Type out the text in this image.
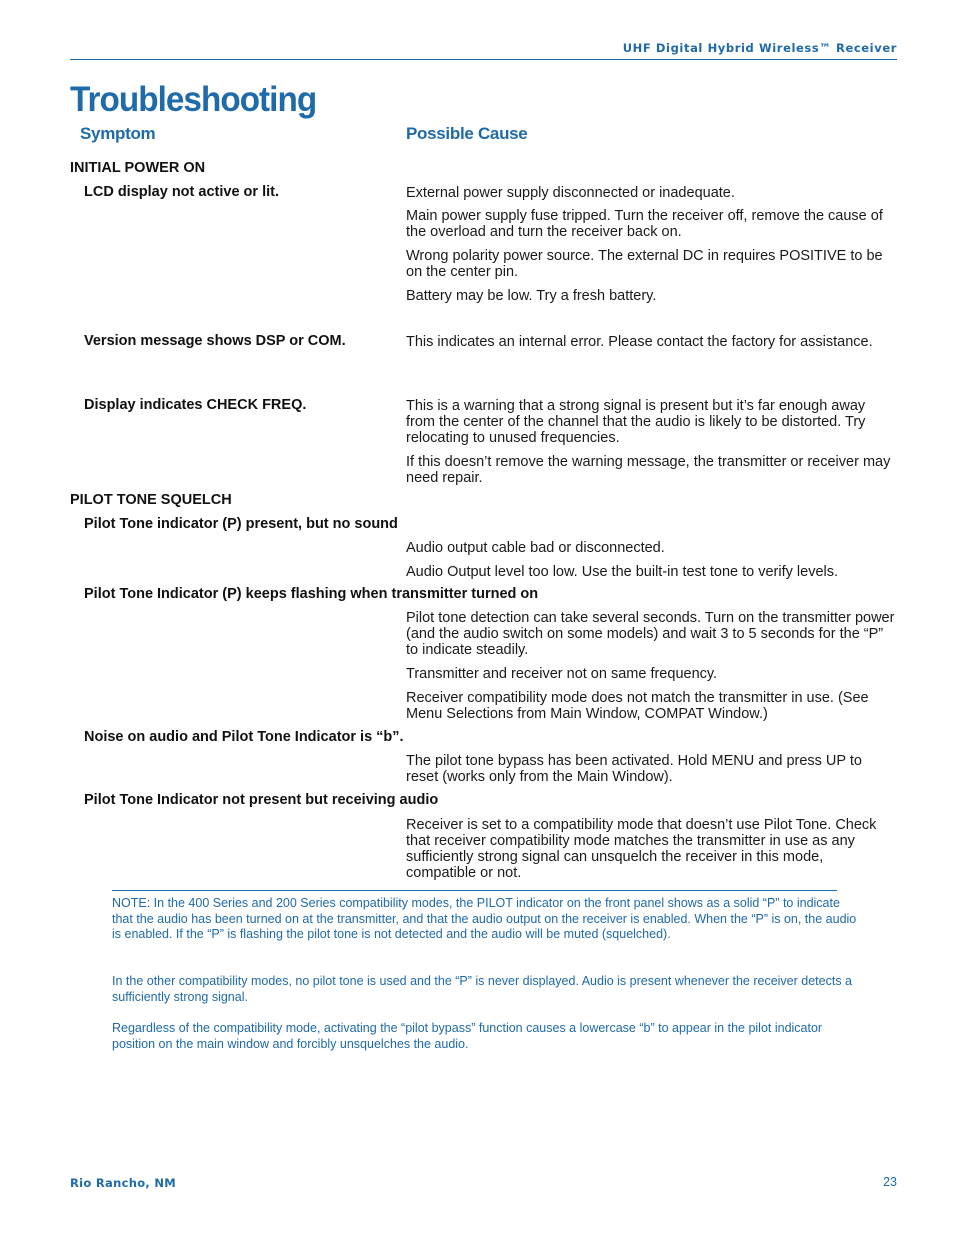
UHF Digital Hybrid Wireless™ Receiver
Troubleshooting
Symptom	Possible Cause
INITIAL POWER ON
LCD display not active or lit.	External power supply disconnected or inadequate.
Main power supply fuse tripped. Turn the receiver off, remove the cause of the overload and turn the receiver back on.
Wrong polarity power source. The external DC in requires POSITIVE to be on the center pin.
Battery may be low. Try a fresh battery.
Version message shows DSP or COM.	This indicates an internal error. Please contact the factory for assistance.
Display indicates CHECK FREQ.	This is a warning that a strong signal is present but it’s far enough away from the center of the channel that the audio is likely to be distorted. Try relocating to unused frequencies.
If this doesn’t remove the warning message, the transmitter or receiver may need repair.
PILOT TONE SQUELCH
Pilot Tone indicator (P) present, but no sound
Audio output cable bad or disconnected.
Audio Output level too low. Use the built-in test tone to verify levels.
Pilot Tone Indicator (P) keeps flashing when transmitter turned on
Pilot tone detection can take several seconds. Turn on the transmitter power (and the audio switch on some models) and wait 3 to 5 seconds for the “P” to indicate steadily.
Transmitter and receiver not on same frequency.
Receiver compatibility mode does not match the transmitter in use. (See Menu Selections from Main Window, COMPAT Window.)
Noise on audio and Pilot Tone Indicator is “b”.
The pilot tone bypass has been activated. Hold MENU and press UP to reset (works only from the Main Window).
Pilot Tone Indicator not present but receiving audio
Receiver is set to a compatibility mode that doesn’t use Pilot Tone. Check that receiver compatibility mode matches the transmitter in use as any sufficiently strong signal can unsquelch the receiver in this mode, compatible or not.
NOTE: In the 400 Series and 200 Series compatibility modes, the PILOT indicator on the front panel shows as a solid “P” to indicate that the audio has been turned on at the transmitter, and that the audio output on the receiver is enabled. When the “P” is on, the audio is enabled. If the “P” is flashing the pilot tone is not detected and the audio will be muted (squelched).
In the other compatibility modes, no pilot tone is used and the “P” is never displayed. Audio is present whenever the receiver detects a sufficiently strong signal.
Regardless of the compatibility mode, activating the “pilot bypass” function causes a lowercase “b” to appear in the pilot indicator position on the main window and forcibly unsquelches the audio.
Rio Rancho, NM	23
